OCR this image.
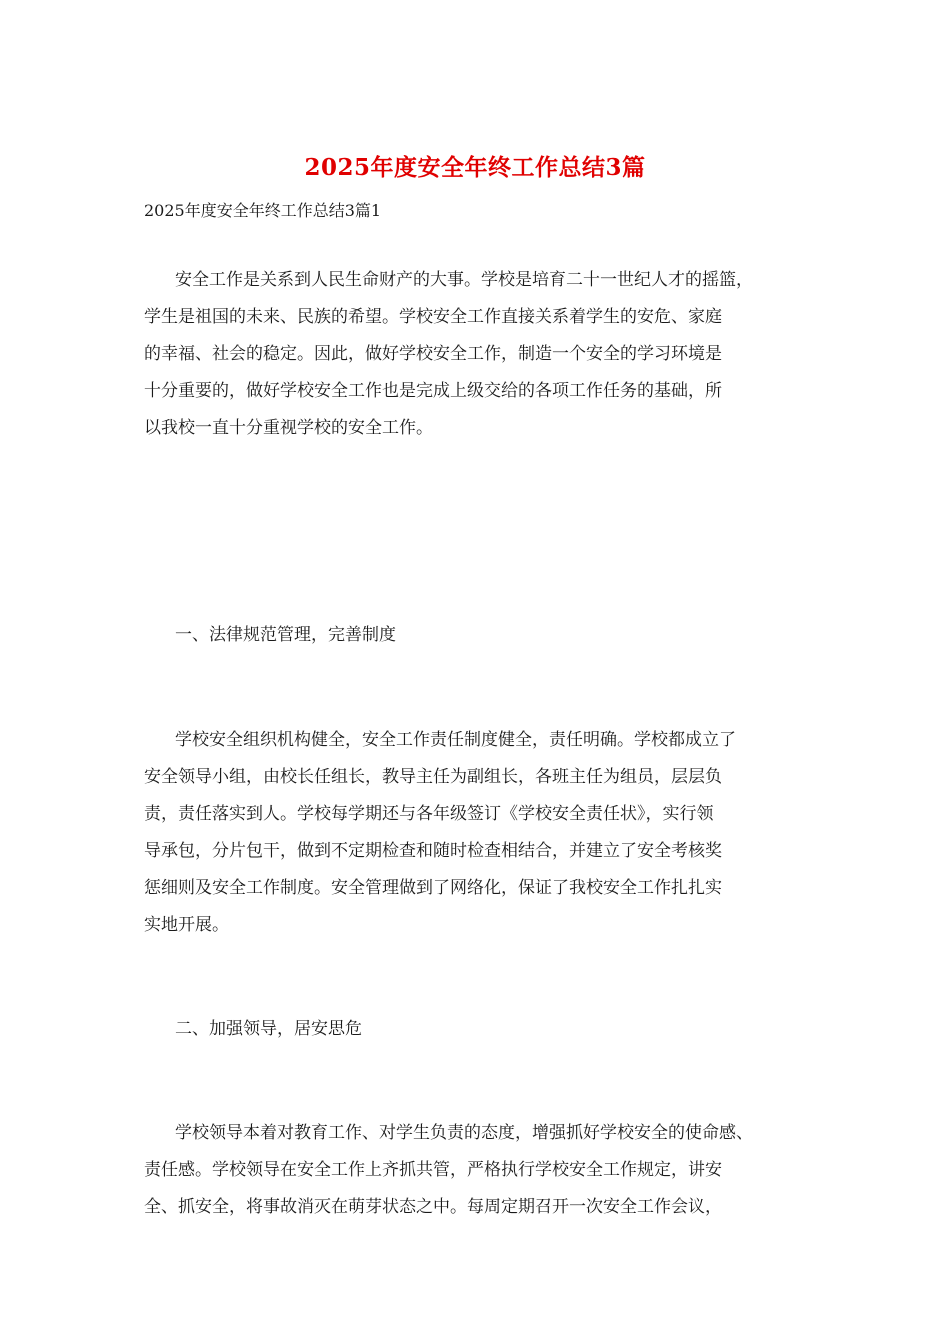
2025年度安全年终工作总结3篇
2025年度安全年终工作总结3篇1
安全工作是关系到人民生命财产的大事。学校是培育二十一世纪人才的摇篮，
学生是祖国的未来、民族的希望。学校安全工作直接关系着学生的安危、家庭
的幸福、社会的稳定。因此，做好学校安全工作，制造一个安全的学习环境是
十分重要的，做好学校安全工作也是完成上级交给的各项工作任务的基础，所
以我校一直十分重视学校的安全工作。
一、法律规范管理，完善制度
学校安全组织机构健全，安全工作责任制度健全，责任明确。学校都成立了
安全领导小组，由校长任组长，教导主任为副组长，各班主任为组员，层层负
责，责任落实到人。学校每学期还与各年级签订《学校安全责任状》，实行领
导承包，分片包干，做到不定期检查和随时检查相结合，并建立了安全考核奖
惩细则及安全工作制度。安全管理做到了网络化，保证了我校安全工作扎扎实
实地开展。
二、加强领导，居安思危
学校领导本着对教育工作、对学生负责的态度，增强抓好学校安全的使命感、
责任感。学校领导在安全工作上齐抓共管，严格执行学校安全工作规定，讲安
全、抓安全，将事故消灭在萌芽状态之中。每周定期召开一次安全工作会议，
